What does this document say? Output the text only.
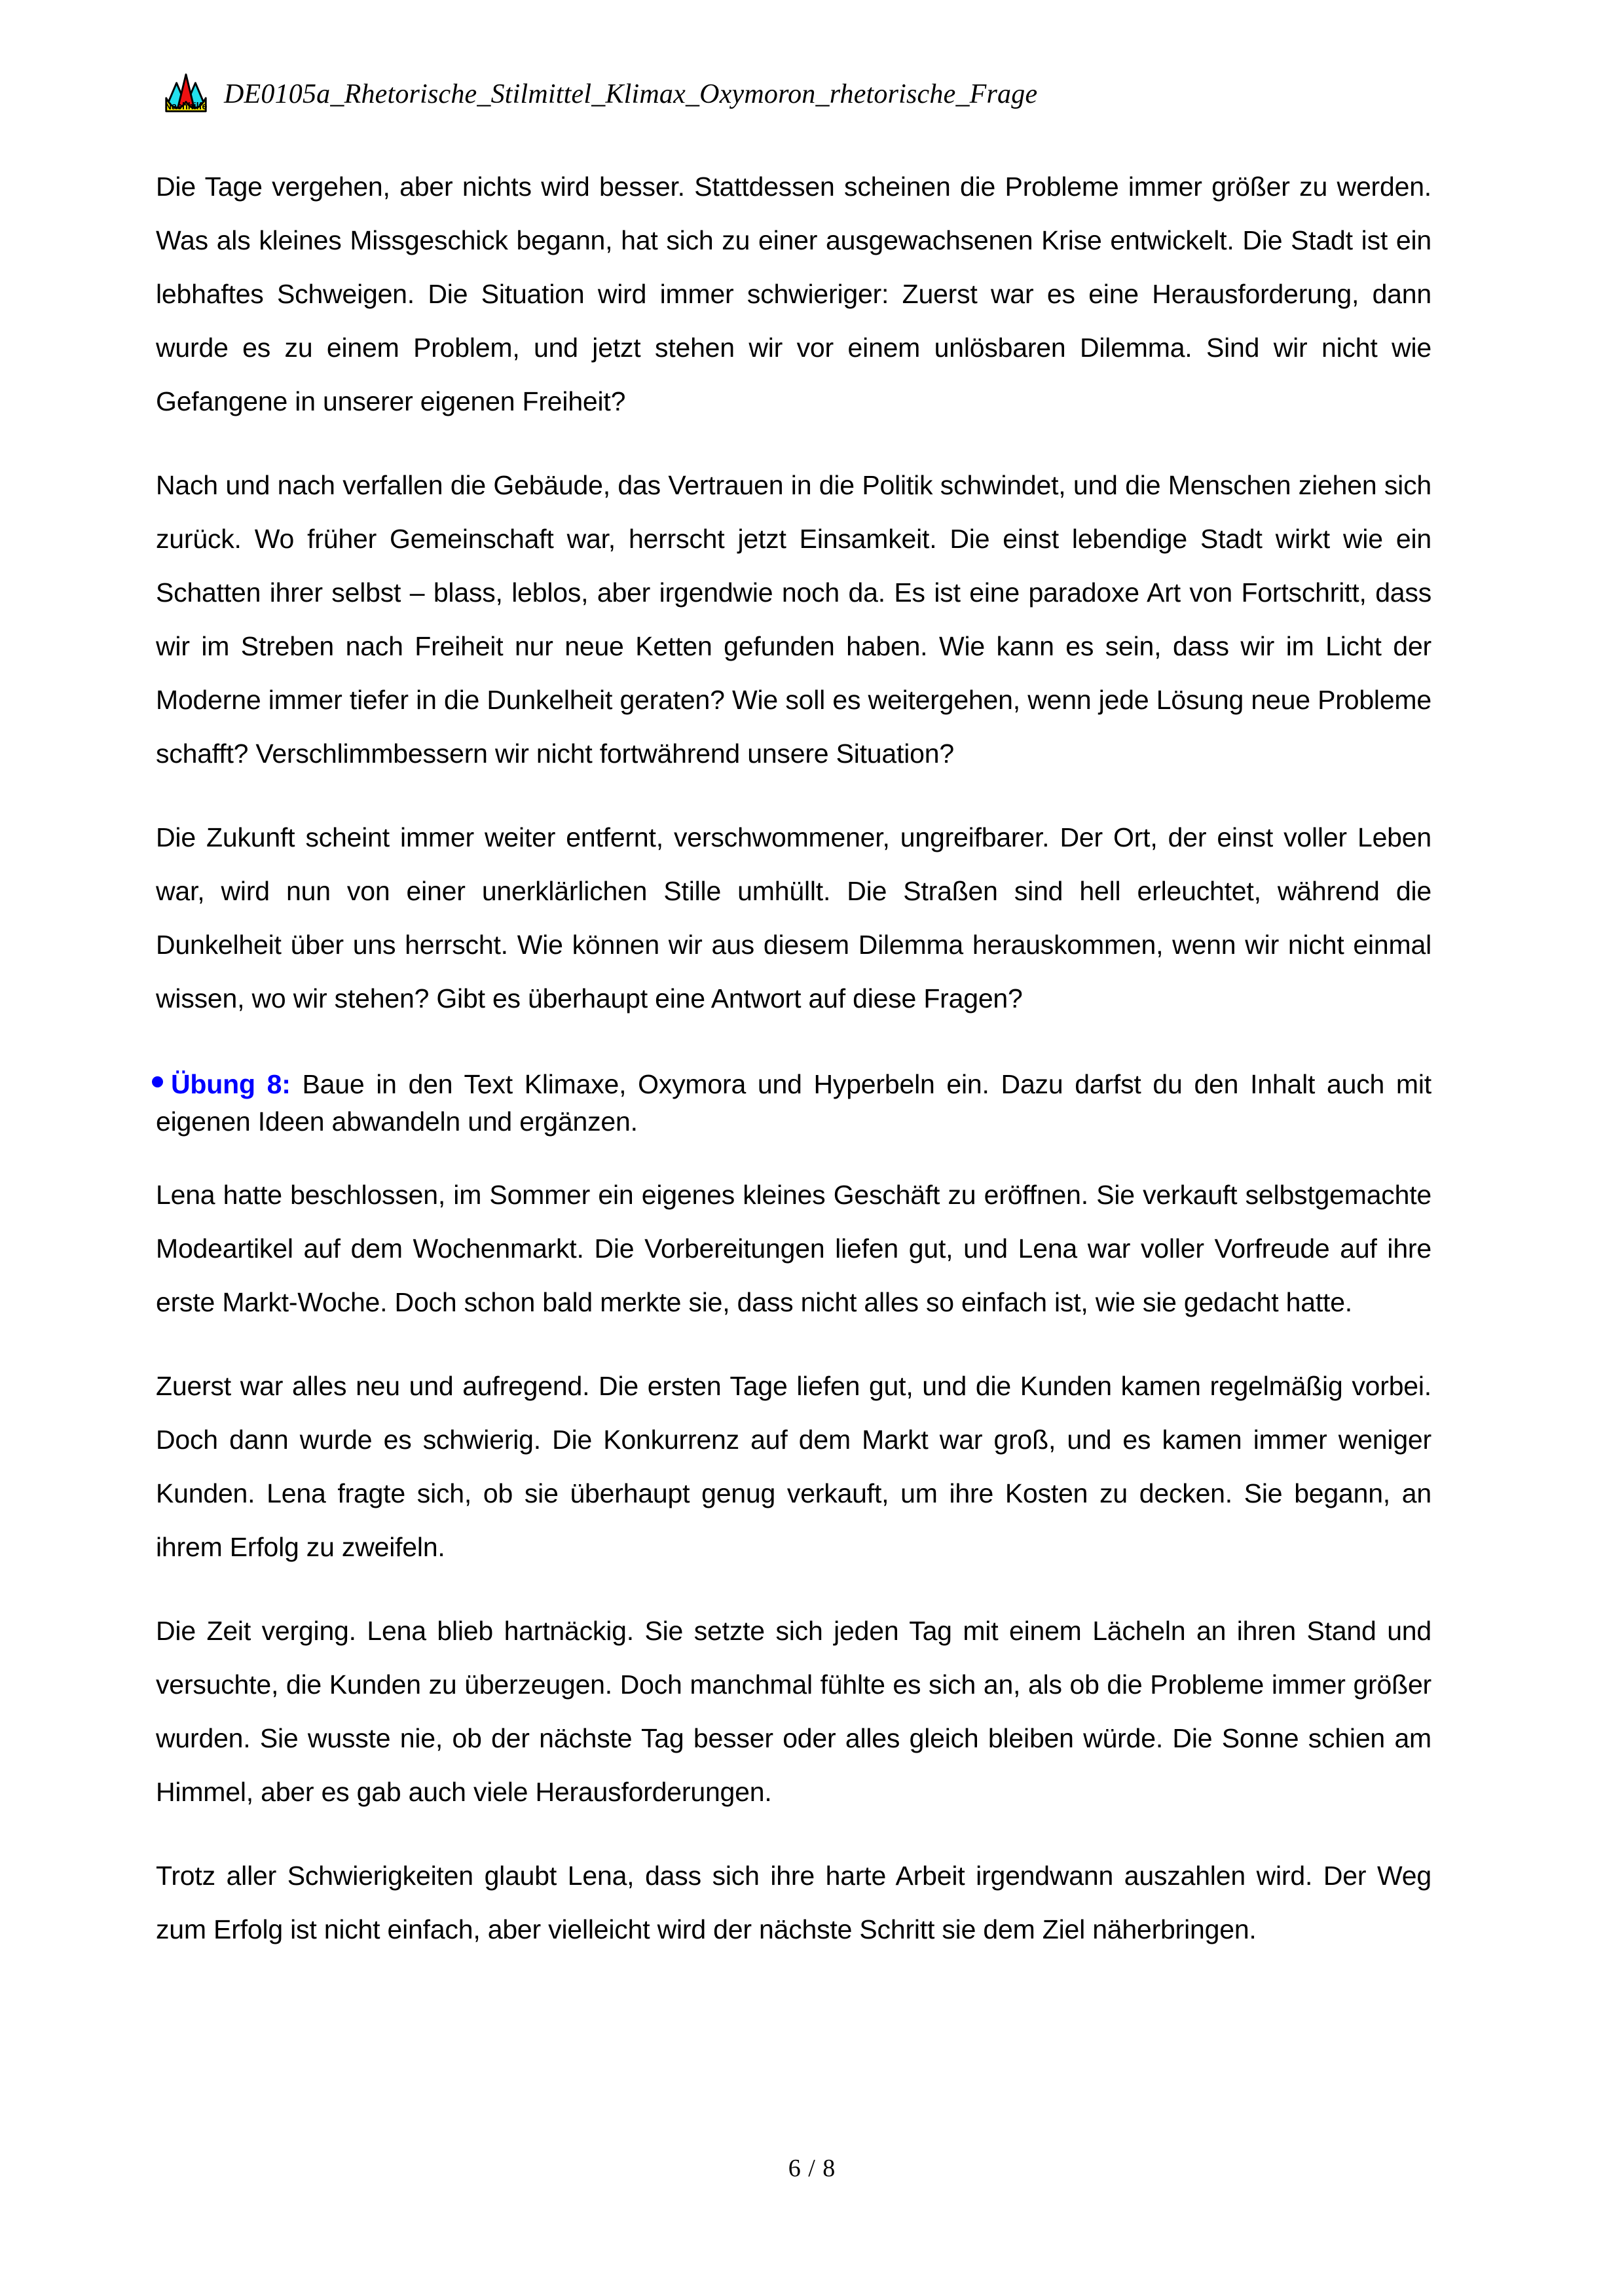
Nachhilfe DE0105a_Rhetorische_Stilmittel_Klimax_Oxymoron_rhetorische_Frage

Die Tage vergehen, aber nichts wird besser. Stattdessen scheinen die Probleme immer größer zu werden. Was als kleines Missgeschick begann, hat sich zu einer ausgewachsenen Krise entwickelt. Die Stadt ist ein lebhaftes Schweigen. Die Situation wird immer schwieriger: Zuerst war es eine Herausforderung, dann wurde es zu einem Problem, und jetzt stehen wir vor einem unlösbaren Dilemma. Sind wir nicht wie Gefangene in unserer eigenen Freiheit?

Nach und nach verfallen die Gebäude, das Vertrauen in die Politik schwindet, und die Menschen ziehen sich zurück. Wo früher Gemeinschaft war, herrscht jetzt Einsamkeit. Die einst lebendige Stadt wirkt wie ein Schatten ihrer selbst – blass, leblos, aber irgendwie noch da. Es ist eine paradoxe Art von Fortschritt, dass wir im Streben nach Freiheit nur neue Ketten gefunden haben. Wie kann es sein, dass wir im Licht der Moderne immer tiefer in die Dunkelheit geraten? Wie soll es weitergehen, wenn jede Lösung neue Probleme schafft? Verschlimmbessern wir nicht fortwährend unsere Situation?

Die Zukunft scheint immer weiter entfernt, verschwommener, ungreifbarer. Der Ort, der einst voller Leben war, wird nun von einer unerklärlichen Stille umhüllt. Die Straßen sind hell erleuchtet, während die Dunkelheit über uns herrscht. Wie können wir aus diesem Dilemma herauskommen, wenn wir nicht einmal wissen, wo wir stehen? Gibt es überhaupt eine Antwort auf diese Fragen?

Übung 8: Baue in den Text Klimaxe, Oxymora und Hyperbeln ein. Dazu darfst du den Inhalt auch mit eigenen Ideen abwandeln und ergänzen.

Lena hatte beschlossen, im Sommer ein eigenes kleines Geschäft zu eröffnen. Sie verkauft selbstgemachte Modeartikel auf dem Wochenmarkt. Die Vorbereitungen liefen gut, und Lena war voller Vorfreude auf ihre erste Markt-Woche. Doch schon bald merkte sie, dass nicht alles so einfach ist, wie sie gedacht hatte.

Zuerst war alles neu und aufregend. Die ersten Tage liefen gut, und die Kunden kamen regelmäßig vorbei. Doch dann wurde es schwierig. Die Konkurrenz auf dem Markt war groß, und es kamen immer weniger Kunden. Lena fragte sich, ob sie überhaupt genug verkauft, um ihre Kosten zu decken. Sie begann, an ihrem Erfolg zu zweifeln.

Die Zeit verging. Lena blieb hartnäckig. Sie setzte sich jeden Tag mit einem Lächeln an ihren Stand und versuchte, die Kunden zu überzeugen. Doch manchmal fühlte es sich an, als ob die Probleme immer größer wurden. Sie wusste nie, ob der nächste Tag besser oder alles gleich bleiben würde. Die Sonne schien am Himmel, aber es gab auch viele Herausforderungen.

Trotz aller Schwierigkeiten glaubt Lena, dass sich ihre harte Arbeit irgendwann auszahlen wird. Der Weg zum Erfolg ist nicht einfach, aber vielleicht wird der nächste Schritt sie dem Ziel näherbringen.

6 / 8
